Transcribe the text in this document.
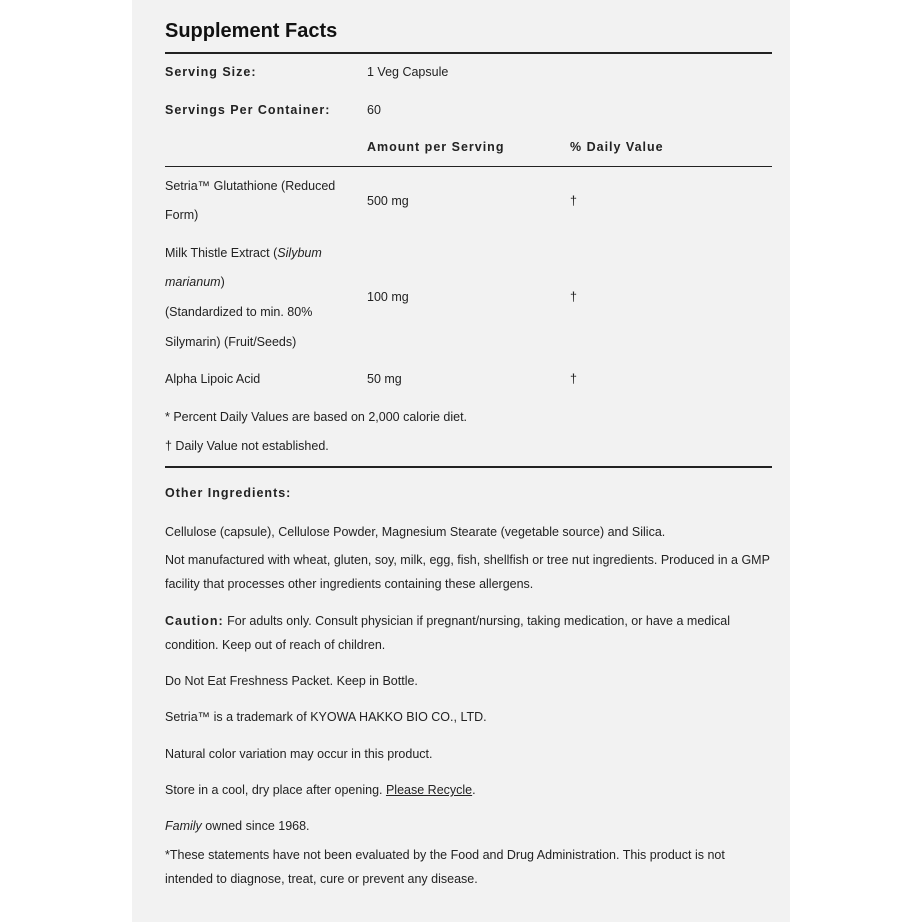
Supplement Facts
Serving Size:	1 Veg Capsule
Servings Per Container:	60
Amount per Serving	% Daily Value
Setria™ Glutathione (Reduced
Form)
500 mg	†
Milk Thistle Extract (Silybum
marianum)
(Standardized to min. 80%
Silymarin) (Fruit/Seeds)
100 mg	†
Alpha Lipoic Acid	50 mg	†
* Percent Daily Values are based on 2,000 calorie diet.
† Daily Value not established.
Other Ingredients:
Cellulose (capsule), Cellulose Powder, Magnesium Stearate (vegetable source) and Silica.
Not manufactured with wheat, gluten, soy, milk, egg, fish, shellfish or tree nut ingredients. Produced in a GMP facility that processes other ingredients containing these allergens.
Caution: For adults only. Consult physician if pregnant/nursing, taking medication, or have a medical condition. Keep out of reach of children.
Do Not Eat Freshness Packet. Keep in Bottle.
Setria™ is a trademark of KYOWA HAKKO BIO CO., LTD.
Natural color variation may occur in this product.
Store in a cool, dry place after opening. Please Recycle.
Family owned since 1968.
*These statements have not been evaluated by the Food and Drug Administration. This product is not intended to diagnose, treat, cure or prevent any disease.
